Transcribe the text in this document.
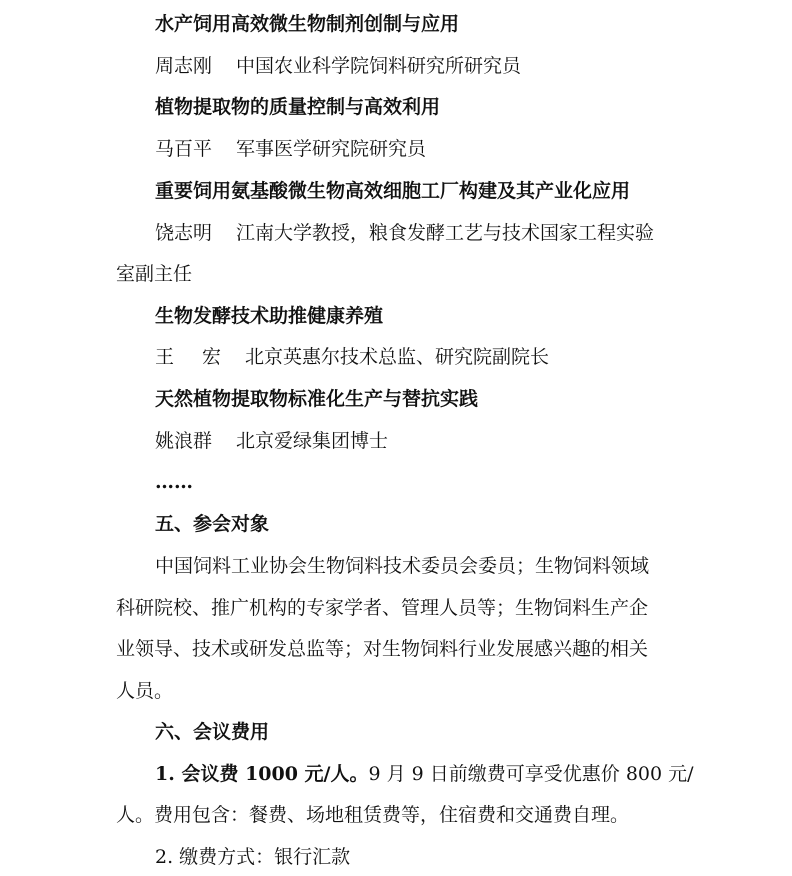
水产饲用高效微生物制剂创制与应用
周志刚 中国农业科学院饲料研究所研究员
植物提取物的质量控制与高效利用
马百平 军事医学研究院研究员
重要饲用氨基酸微生物高效细胞工厂构建及其产业化应用
饶志明 江南大学教授，粮食发酵工艺与技术国家工程实验
室副主任
生物发酵技术助推健康养殖
王 宏 北京英惠尔技术总监、研究院副院长
天然植物提取物标准化生产与替抗实践
姚浪群 北京爱绿集团博士
……
五、参会对象
中国饲料工业协会生物饲料技术委员会委员；生物饲料领域
科研院校、推广机构的专家学者、管理人员等；生物饲料生产企
业领导、技术或研发总监等；对生物饲料行业发展感兴趣的相关
人员。
六、会议费用
1. 会议费 1000 元/人。9 月 9 日前缴费可享受优惠价 800 元/
人。费用包含：餐费、场地租赁费等，住宿费和交通费自理。
2. 缴费方式：银行汇款
